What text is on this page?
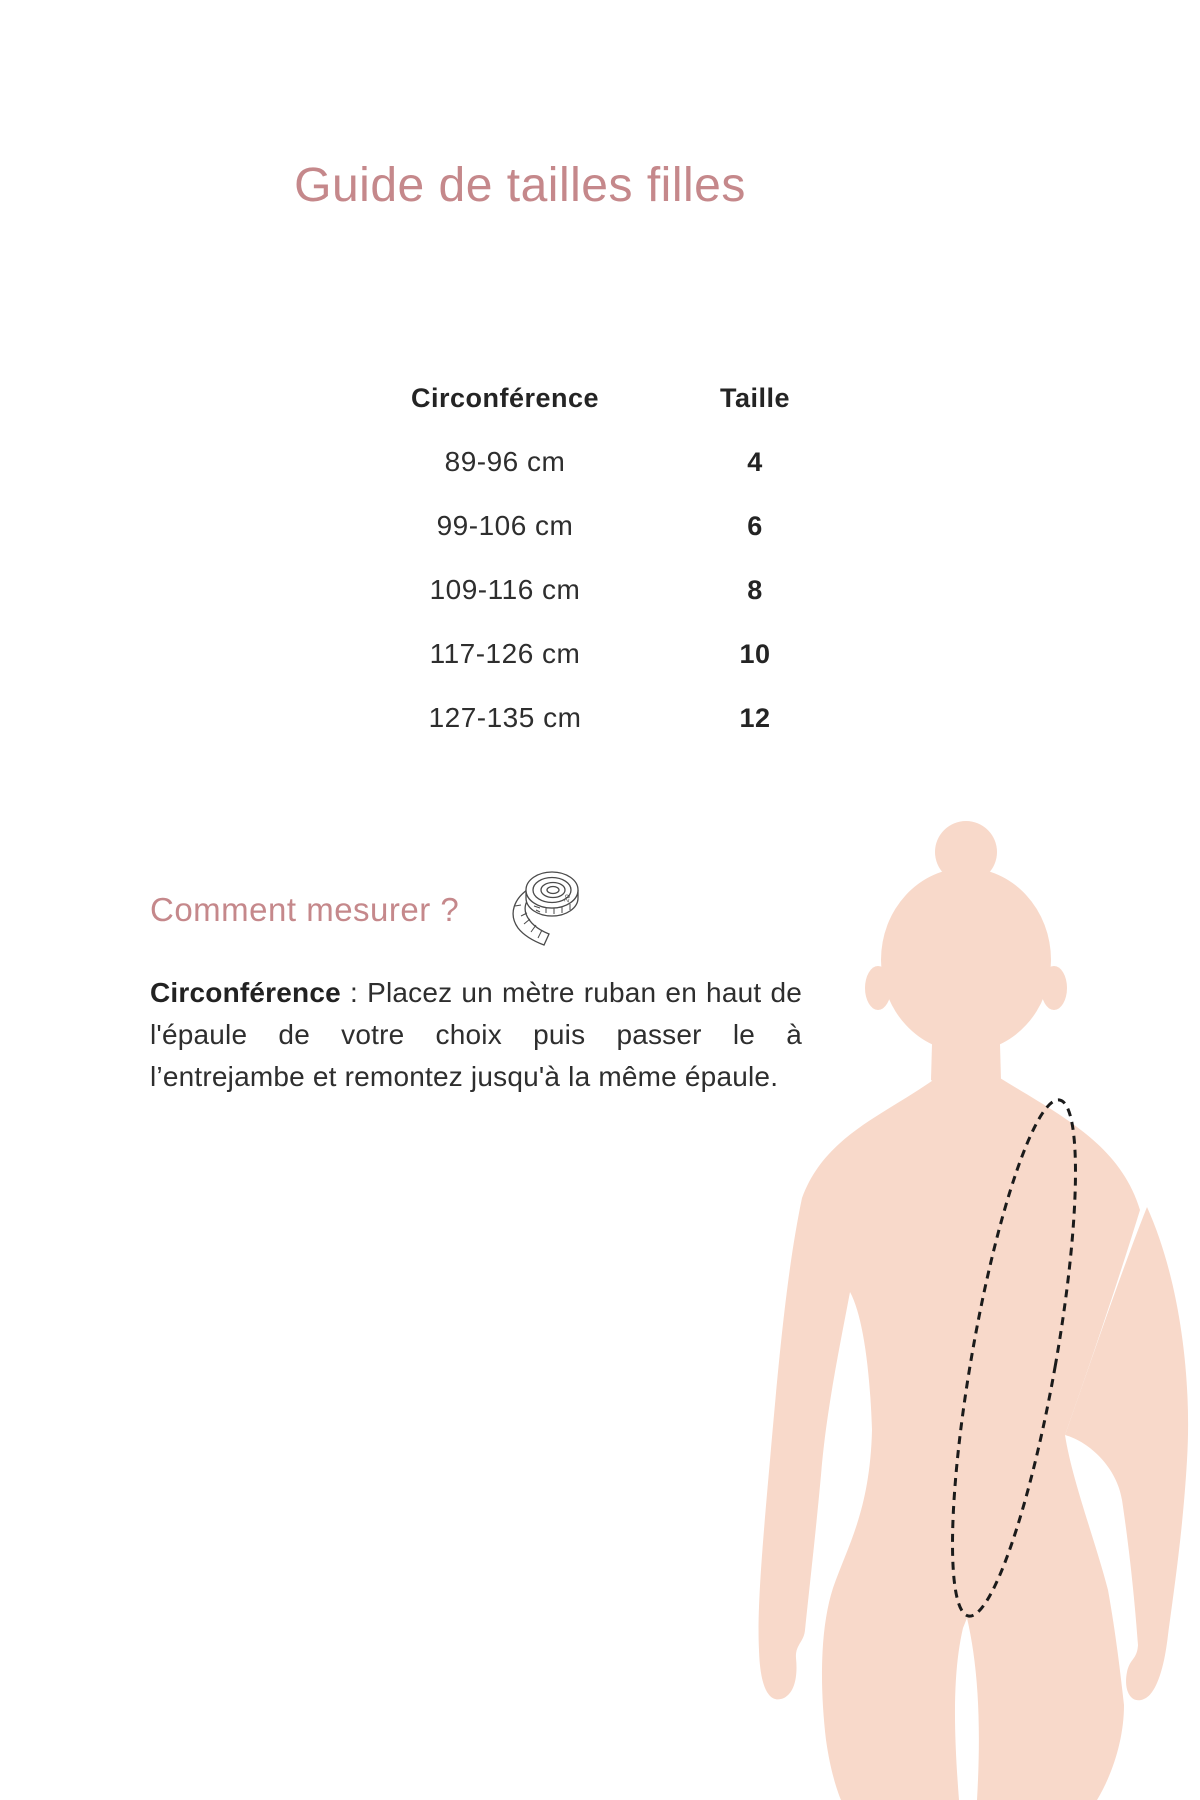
Guide de tailles filles
Circonférence	Taille
89-96 cm	4
99-106 cm	6
109-116 cm	8
117-126 cm	10
127-135 cm	12
Comment mesurer ?	20
Circonférence : Placez un mètre ruban en haut de l'épaule de votre choix puis passer le à l’entrejambe et remontez jusqu'à la même épaule.
